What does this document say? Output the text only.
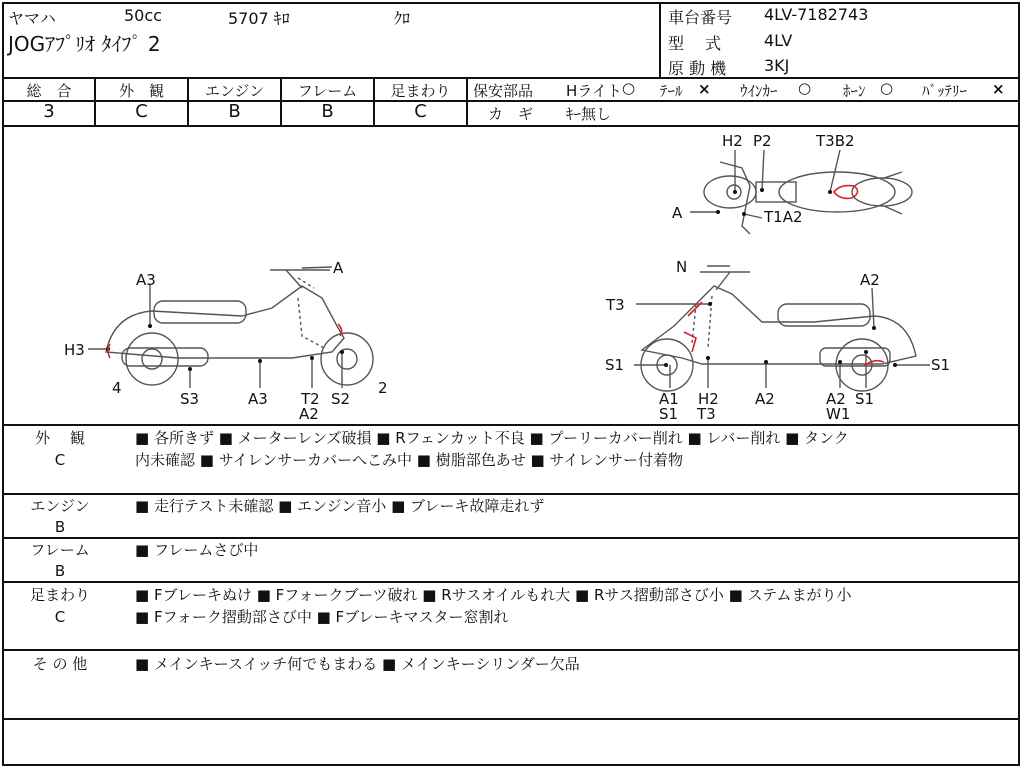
ヤマハ	50cc	5707 ｷﾛ	ｸﾛ
JOGｱﾌﾟﾘｵ ﾀｲﾌﾟ 2
車台番号 4LV-7182743
型　 式	4LV
原 動 機 3KJ
総　合	外　観	エンジン	フレーム	足まわり
3	C	B	B	C
保安部品 Hライト ○ ﾃｰﾙ × ｳｲﾝｶｰ ○ ﾎｰﾝ ○ ﾊﾞｯﾃﾘｰ ×
カ　ギ ｷｰ無し
H2 P2	T3B2
A	T1A2
A3
A
H3
4
S3	A3 T2
A2
S2
2
N
A2
T3
S1	S1
A1
S1
H2
T3
A2	A2
W1
S1
外　 観
C
■ 各所きず ■ メーターレンズ破損 ■ Rフェンカット不良 ■ プーリーカバー削れ ■ レバー削れ ■ タンク
内未確認 ■ サイレンサーカバーへこみ中 ■ 樹脂部色あせ ■ サイレンサー付着物
エンジン
B
■ 走行テスト未確認 ■ エンジン音小 ■ ブレーキ故障走れず
フレーム
B
■ フレームさび中
足まわり
C
■ Fブレーキぬけ ■ Fフォークブーツ破れ ■ Rサスオイルもれ大 ■ Rサス摺動部さび小 ■ ステムまがり小
■ Fフォーク摺動部さび中 ■ Fブレーキマスター窓割れ
そ の 他	■ メインキースイッチ何でもまわる ■ メインキーシリンダー欠品
